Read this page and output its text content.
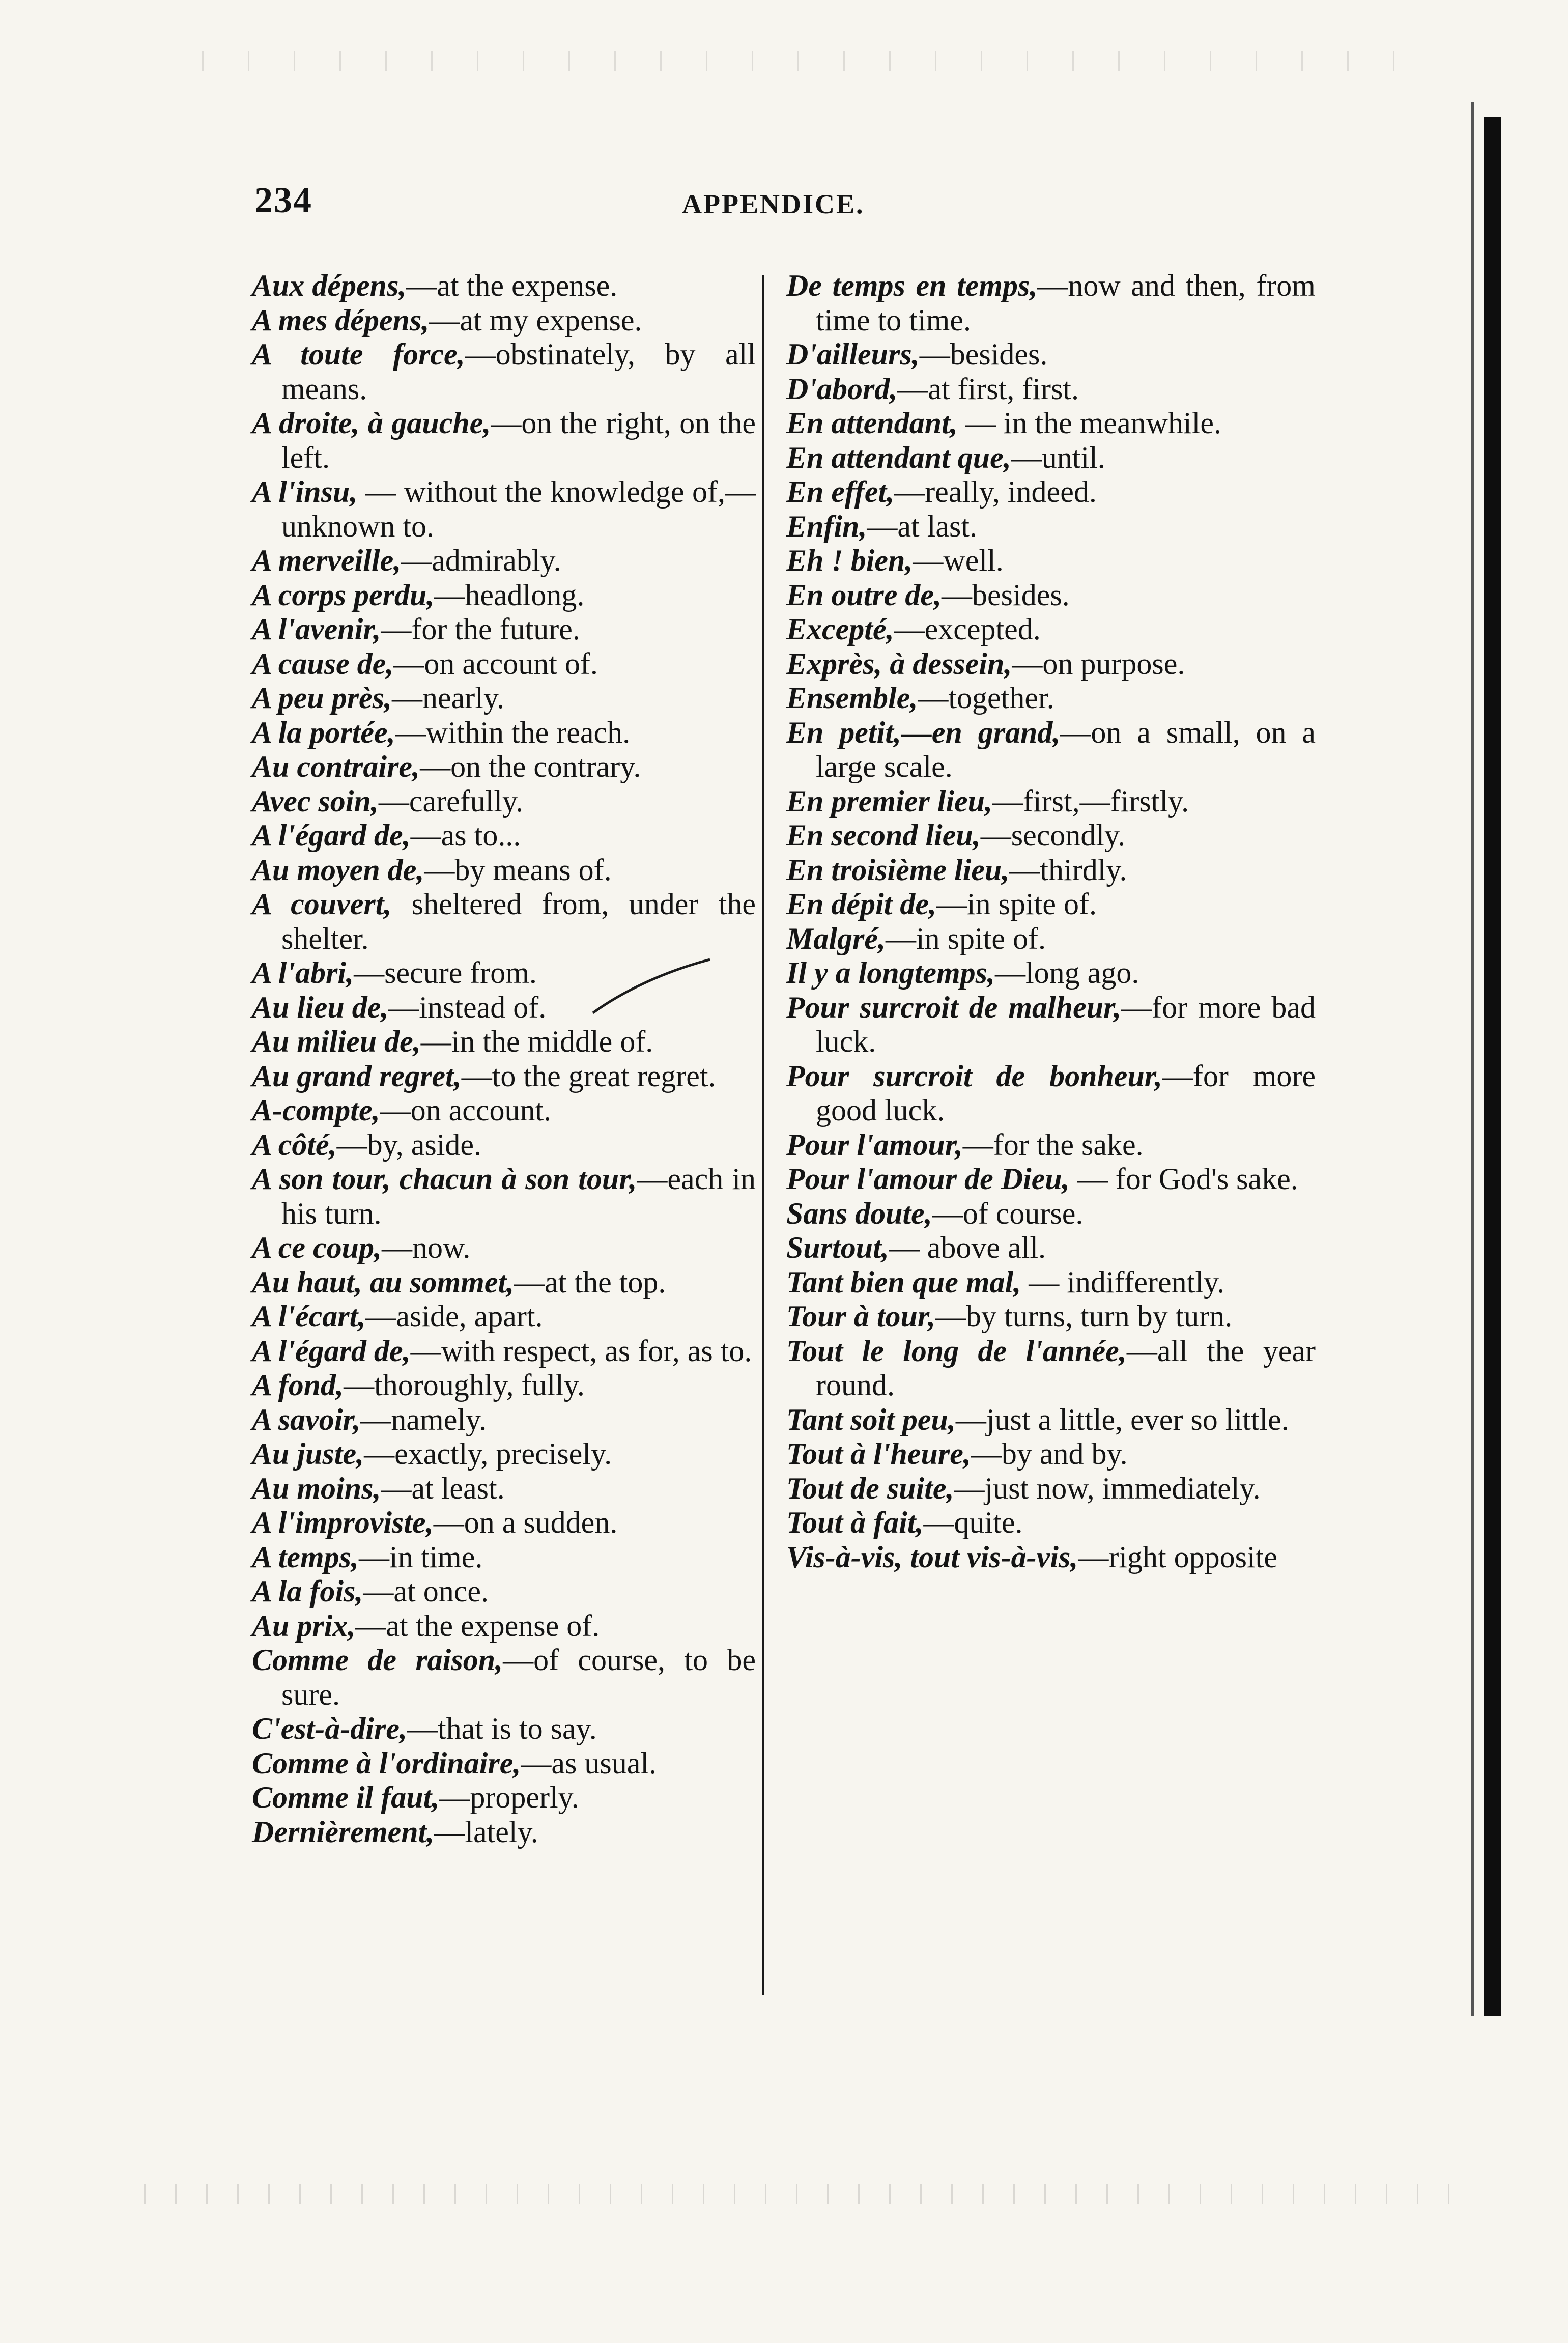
234	APPENDICE.

Aux dépens,—at the expense.

A mes dépens,—at my expense.

A toute force,—obstinately, by all means.

A droite, à gauche,—on the right, on the left.

A l'insu, — without the knowledge of,—unknown to.

A merveille,—admirably.

A corps perdu,—headlong.

A l'avenir,—for the future.

A cause de,—on account of.

A peu près,—nearly.

A la portée,—within the reach.

Au contraire,—on the contrary.

Avec soin,—carefully.

A l'égard de,—as to...

Au moyen de,—by means of.

A couvert, sheltered from, under the shelter.

A l'abri,—secure from.

Au lieu de,—instead of.

Au milieu de,—in the middle of.

Au grand regret,—to the great regret.

A-compte,—on account.

A côté,—by, aside.

A son tour, chacun à son tour,—each in his turn.

A ce coup,—now.

Au haut, au sommet,—at the top.

A l'écart,—aside, apart.

A l'égard de,—with respect, as for, as to.

A fond,—thoroughly, fully.

A savoir,—namely.

Au juste,—exactly, precisely.

Au moins,—at least.

A l'improviste,—on a sudden.

A temps,—in time.

A la fois,—at once.

Au prix,—at the expense of.

Comme de raison,—of course, to be sure.

C'est-à-dire,—that is to say.

Comme à l'ordinaire,—as usual.

Comme il faut,—properly.

Dernièrement,—lately.

De temps en temps,—now and then, from time to time.

D'ailleurs,—besides.

D'abord,—at first, first.

En attendant, — in the meanwhile.

En attendant que,—until.

En effet,—really, indeed.

Enfin,—at last.

Eh ! bien,—well.

En outre de,—besides.

Excepté,—excepted.

Exprès, à dessein,—on purpose.

Ensemble,—together.

En petit,—en grand,—on a small, on a large scale.

En premier lieu,—first,—firstly.

En second lieu,—secondly.

En troisième lieu,—thirdly.

En dépit de,—in spite of.

Malgré,—in spite of.

Il y a longtemps,—long ago.

Pour surcroit de malheur,—for more bad luck.

Pour surcroit de bonheur,—for more good luck.

Pour l'amour,—for the sake.

Pour l'amour de Dieu, — for God's sake.

Sans doute,—of course.

Surtout,— above all.

Tant bien que mal, — indifferently.

Tour à tour,—by turns, turn by turn.

Tout le long de l'année,—all the year round.

Tant soit peu,—just a little, ever so little.

Tout à l'heure,—by and by.

Tout de suite,—just now, immediately.

Tout à fait,—quite.

Vis-à-vis, tout vis-à-vis,—right opposite
